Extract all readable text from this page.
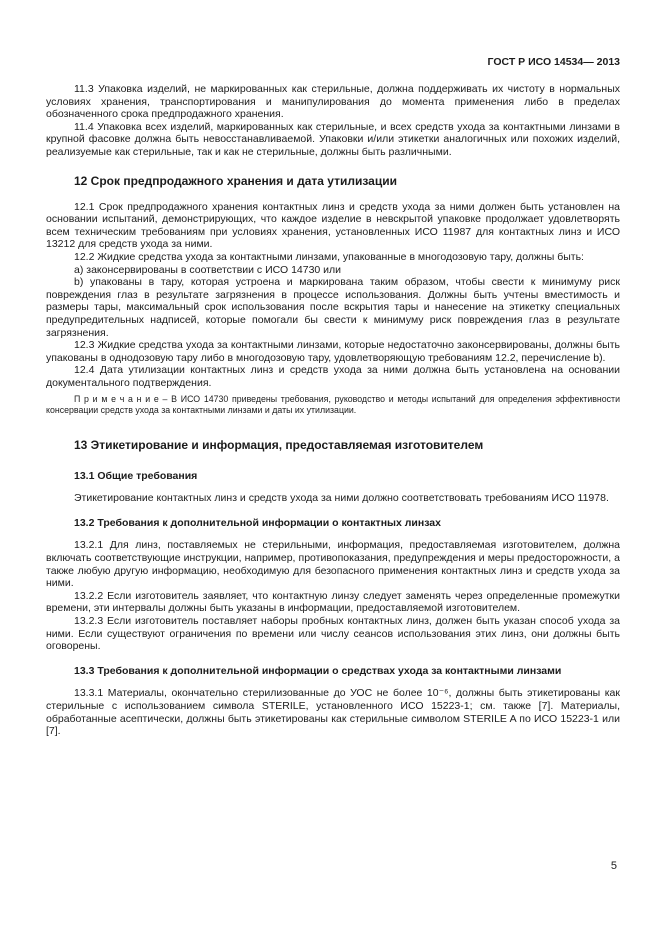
ГОСТ Р ИСО 14534— 2013

11.3 Упаковка изделий, не маркированных как стерильные, должна поддерживать их чистоту в нормальных условиях хранения, транспортирования и манипулирования до момента применения либо в пределах обозначенного срока предпродажного хранения.

11.4 Упаковка всех изделий, маркированных как стерильные, и всех средств ухода за контактными линзами в крупной фасовке должна быть невосстанавливаемой. Упаковки и/или этикетки аналогичных или похожих изделий, реализуемые как стерильные, так и как не стерильные, должны быть различными.

12 Срок предпродажного хранения и дата утилизации

12.1 Срок предпродажного хранения контактных линз и средств ухода за ними должен быть установлен на основании испытаний, демонстрирующих, что каждое изделие в невскрытой упаковке продолжает удовлетворять всем техническим требованиям при условиях хранения, установленных ИСО 11987 для контактных линз и ИСО 13212 для средств ухода за ними.

12.2 Жидкие средства ухода за контактными линзами, упакованные в многодозовую тару, должны быть:

а) законсервированы в соответствии с ИСО 14730 или

b) упакованы в тару, которая устроена и маркирована таким образом, чтобы свести к минимуму риск повреждения глаз в результате загрязнения в процессе использования. Должны быть учтены вместимость и размеры тары, максимальный срок использования после вскрытия тары и нанесение на этикетку специальных предупредительных надписей, которые помогали бы свести к минимуму риск повреждения глаз в результате загрязнения.

12.3 Жидкие средства ухода за контактными линзами, которые недостаточно законсервированы, должны быть упакованы в однодозовую тару либо в многодозовую тару, удовлетворяющую требованиям 12.2, перечисление b).

12.4 Дата утилизации контактных линз и средств ухода за ними должна быть установлена на основании документального подтверждения.

П р и м е ч а н и е – В ИСО 14730 приведены требования, руководство и методы испытаний для определения эффективности консервации средств ухода за контактными линзами и даты их утилизации.

13 Этикетирование и информация, предоставляемая изготовителем
13.1 Общие требования

Этикетирование контактных линз и средств ухода за ними должно соответствовать требованиям ИСО 11978.

13.2 Требования к дополнительной информации о контактных линзах

13.2.1 Для линз, поставляемых не стерильными, информация, предоставляемая изготовителем, должна включать соответствующие инструкции, например, противопоказания, предупреждения и меры предосторожности, а также любую другую информацию, необходимую для безопасного применения контактных линз и средств ухода за ними.

13.2.2 Если изготовитель заявляет, что контактную линзу следует заменять через определенные промежутки времени, эти интервалы должны быть указаны в информации, предоставляемой изготовителем.

13.2.3 Если изготовитель поставляет наборы пробных контактных линз, должен быть указан способ ухода за ними. Если существуют ограничения по времени или числу сеансов использования этих линз, они должны быть оговорены.

13.3 Требования к дополнительной информации о средствах ухода за контактными линзами

13.3.1 Материалы, окончательно стерилизованные до УОС не более 10⁻⁶, должны быть этикетированы как стерильные с использованием символа STERILE, установленного ИСО 15223-1; см. также [7]. Материалы, обработанные асептически, должны быть этикетированы как стерильные символом STERILE A по ИСО 15223-1 или [7].

5
